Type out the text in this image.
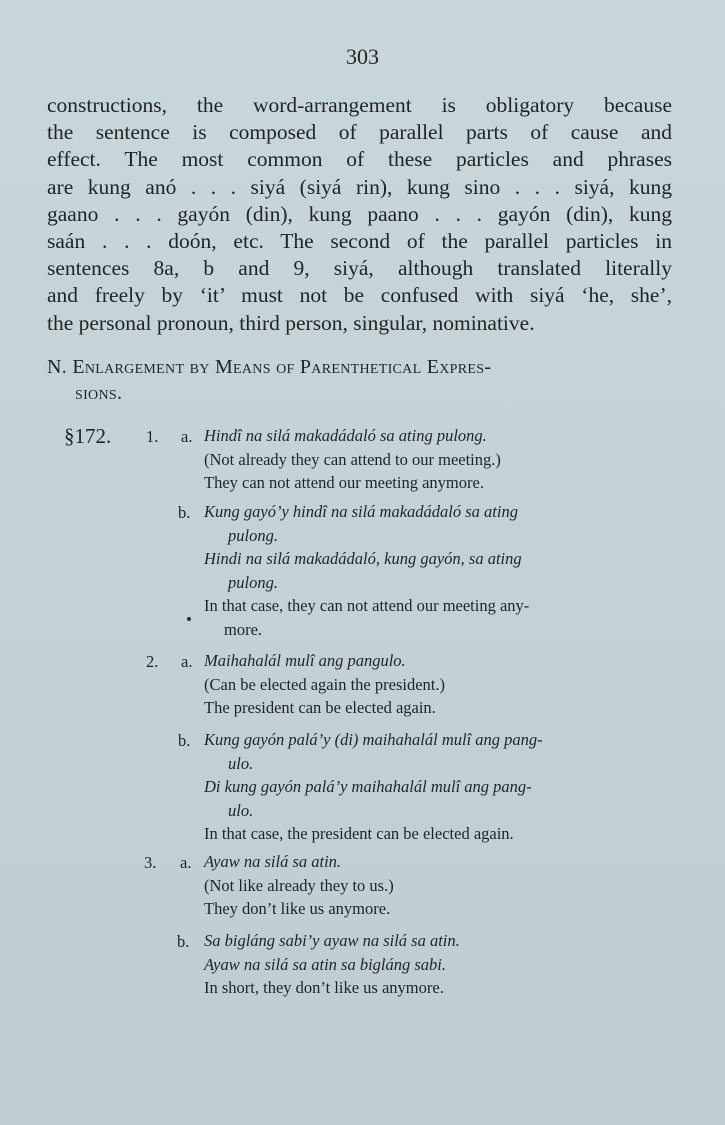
303

constructions, the word-arrangement is obligatory because
the sentence is composed of parallel parts of cause and
effect. The most common of these particles and phrases
are kung anó . . . siyá (siyá rin), kung sino . . . siyá, kung
gaano . . . gayón (din), kung paano . . . gayón (din), kung
saán . . . doón, etc. The second of the parallel particles in
sentences 8a, b and 9, siyá, although translated literally
and freely by ‘it’ must not be confused with siyá ‘he, she’,
the personal pronoun, third person, singular, nominative.

N. Enlargement by Means of Parenthetical Expres-
sions.
§172. 1. a. Hindî na silá makadádaló sa ating pulong.
(Not already they can attend to our meeting.)
They can not attend our meeting anymore.
b. Kung gayó’y hindî na silá makadádaló sa ating
pulong.
Hindi na silá makadádaló, kung gayón, sa ating
pulong.
In that case, they can not attend our meeting any-
more.
2. a. Maihahalál mulî ang pangulo.
(Can be elected again the president.)
The president can be elected again.
b. Kung gayón palá’y (di) maihahalál mulî ang pang-
ulo.
Di kung gayón palá’y maihahalál mulî ang pang-
ulo.
In that case, the president can be elected again.
3. a. Ayaw na silá sa atin.
(Not like already they to us.)
They don’t like us anymore.
b. Sa bigláng sabi’y ayaw na silá sa atin.
Ayaw na silá sa atin sa bigláng sabi.
In short, they don’t like us anymore.
